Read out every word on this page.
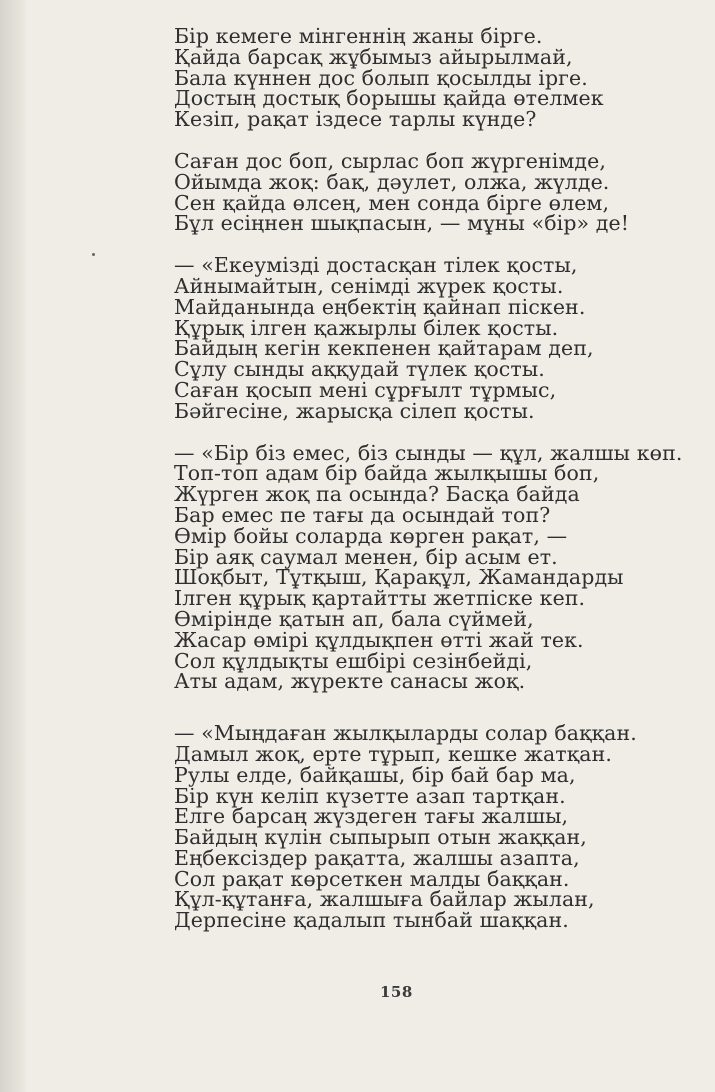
Бір кемеге мінгеннің жаны бірге.
Қайда барсақ жұбымыз айырылмай,
Бала күннен дос болып қосылды ірге.
Достың достық борышы қайда өтелмек
Кезіп, рақат іздесе тарлы күнде?
Саған дос боп, сырлас боп жүргенімде,
Ойымда жоқ: бақ, дәулет, олжа, жүлде.
Сен қайда өлсең, мен сонда бірге өлем,
Бұл есіңнен шықпасын, — мұны «бір» де!
— «Екеумізді достасқан тілек қосты,
Айнымайтын, сенімді жүрек қосты.
Майданында еңбектің қайнап піскен.
Құрық ілген қажырлы білек қосты.
Байдың кегін кекпенен қайтарам деп,
Сұлу сынды аққудай түлек қосты.
Саған қосып мені сұрғылт тұрмыс,
Бәйгесіне, жарысқа сілеп қосты.
— «Бір біз емес, біз сынды — құл, жалшы көп.
Топ-топ адам бір байда жылқышы боп,
Жүрген жоқ па осында? Басқа байда
Бар емес пе тағы да осындай топ?
Өмір бойы соларда көрген рақат, —
Бір аяқ саумал менен, бір асым ет.
Шоқбыт, Тұтқыш, Қарақұл, Жамандарды
Ілген құрық қартайтты жетпіске кеп.
Өмірінде қатын ап, бала сүймей,
Жасар өмірі құлдықпен өтті жай тек.
Сол құлдықты ешбірі сезінбейді,
Аты адам, жүректе санасы жоқ.
— «Мыңдаған жылқыларды солар баққан.
Дамыл жоқ, ерте тұрып, кешке жатқан.
Рулы елде, байқашы, бір бай бар ма,
Бір күн келіп күзетте азап тартқан.
Елге барсаң жүздеген тағы жалшы,
Байдың күлін сыпырып отын жаққан,
Еңбексіздер рақатта, жалшы азапта,
Сол рақат көрсеткен малды баққан.
Құл-құтанға, жалшыға байлар жылан,
Дерпесіне қадалып тынбай шаққан.
158
